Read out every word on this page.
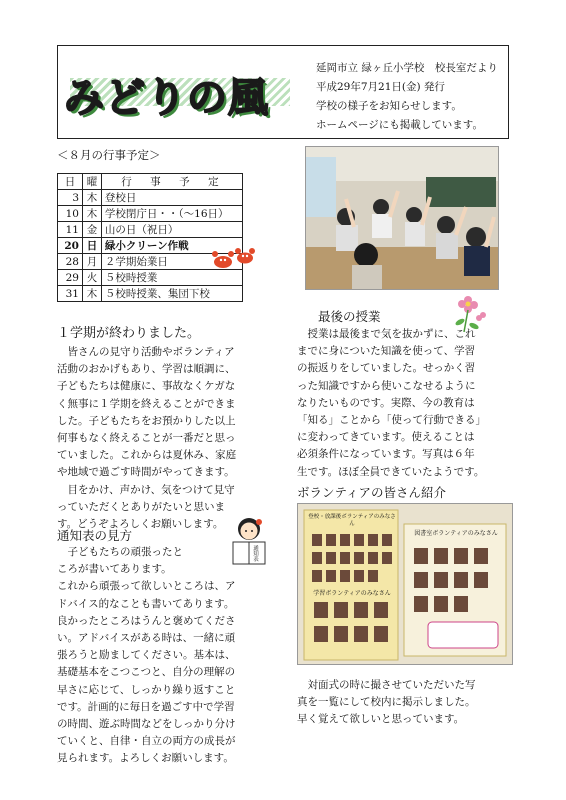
みどりの風
延岡市立 緑ヶ丘小学校　校長室だより
平成29年7月21日(金) 発行
学校の様子をお知らせします。
ホームページにも掲載しています。
＜８月の行事予定＞
日	曜	行　事　予　定
3	木	登校日
10	木	学校閉庁日・・（～16日）
11	金	山の日（祝日）
20	日	緑小クリーン作戦
28	月	２学期始業日
29	火	５校時授業
31	木	５校時授業、集団下校
１学期が終わりました。
　皆さんの見守り活動やボランティア
活動のおかげもあり、学習は順調に、
子どもたちは健康に、事故なくケガな
く無事に１学期を終えることができま
した。子どもたちをお預かりした以上
何事もなく終えることが一番だと思っ
ていました。これからは夏休み、家庭
や地域で過ごす時間がやってきます。
　目をかけ、声かけ、気をつけて見守
っていただくとありがたいと思いま
す。どうぞよろしくお願いします。
通知表の見方
通知表
　子どもたちの頑張ったと
ころが書いてあります。
これから頑張って欲しいところは、ア
ドバイス的なことも書いてあります。
良かったところはうんと褒めてくださ
い。アドバイスがある時は、一緒に頑
張ろうと励ましてください。基本は、
基礎基本をこつこつと、自分の理解の
早さに応じて、しっかり繰り返すこと
です。計画的に毎日を過ごす中で学習
の時間、遊ぶ時間などをしっかり分け
ていくと、自律・自立の両方の成長が
見られます。よろしくお願いします。
最後の授業
　授業は最後まで気を抜かずに、これ
までに身についた知識を使って、学習
の振返りをしていました。せっかく習
った知識ですから使いこなせるように
なりたいものです。実際、今の教育は
「知る」ことから「使って行動できる」
に変わってきています。使えることは
必須条件になっています。写真は６年
生です。ほぼ全員できていたようです。
ボランティアの皆さん紹介
登校・放課後ボランティアのみなさん
図書室ボランティアのみなさん
学習ボランティアのみなさん
　対面式の時に撮させていただいた写
真を一覧にして校内に掲示しました。
早く覚えて欲しいと思っています。
